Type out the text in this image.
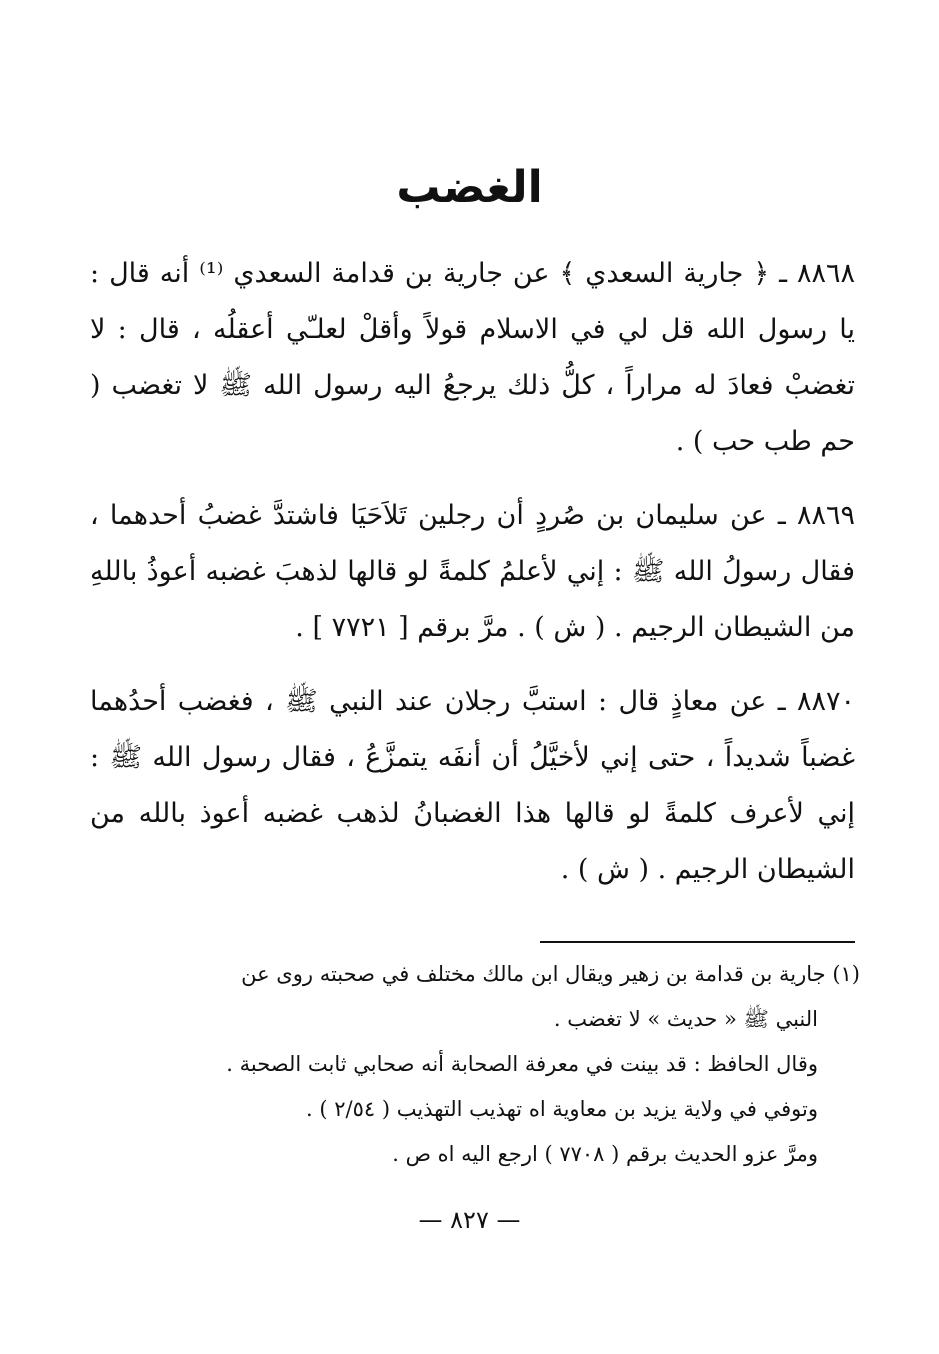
الغضب

٨٨٦٨ ـ ﴿ جارية السعدي ﴾ عن جارية بن قدامة السعدي ⁽¹⁾ أنه قال : يا رسول الله قل لي في الاسلام قولاً وأقلْ لعلـّي أعقلُه ، قال : لا تغضبْ فعادَ له مراراً ، كلُّ ذلك يرجعُ اليه رسول الله ﷺ لا تغضب ( حم طب حب ) .

٨٨٦٩ ـ عن سليمان بن صُردٍ أن رجلين تَلاَحَيَا فاشتدَّ غضبُ أحدهما ، فقال رسولُ الله ﷺ : إني لأعلمُ كلمةً لو قالها لذهبَ غضبه أعوذُ باللهِ من الشيطان الرجيم . ( ش ) . مرَّ برقم [ ٧٧٢١ ] .

٨٨٧٠ ـ عن معاذٍ قال : استبَّ رجلان عند النبي ﷺ ، فغضب أحدُهما غضباً شديداً ، حتى إني لأخيَّلُ أن أنفَه يتمزَّعُ ، فقال رسول الله ﷺ : إني لأعرف كلمةً لو قالها هذا الغضبانُ لذهب غضبه أعوذ بالله من الشيطان الرجيم . ( ش ) .

(١) جارية بن قدامة بن زهير ويقال ابن مالك مختلف في صحبته روى عن
النبي ﷺ « حديث » لا تغضب .
وقال الحافظ : قد بينت في معرفة الصحابة أنه صحابي ثابت الصحبة .
وتوفي في ولاية يزيد بن معاوية اه تهذيب التهذيب ( ٢/٥٤ ) .
ومرَّ عزو الحديث برقم ( ٧٧٠٨ ) ارجع اليه اه ص .
— ٨٢٧ —
